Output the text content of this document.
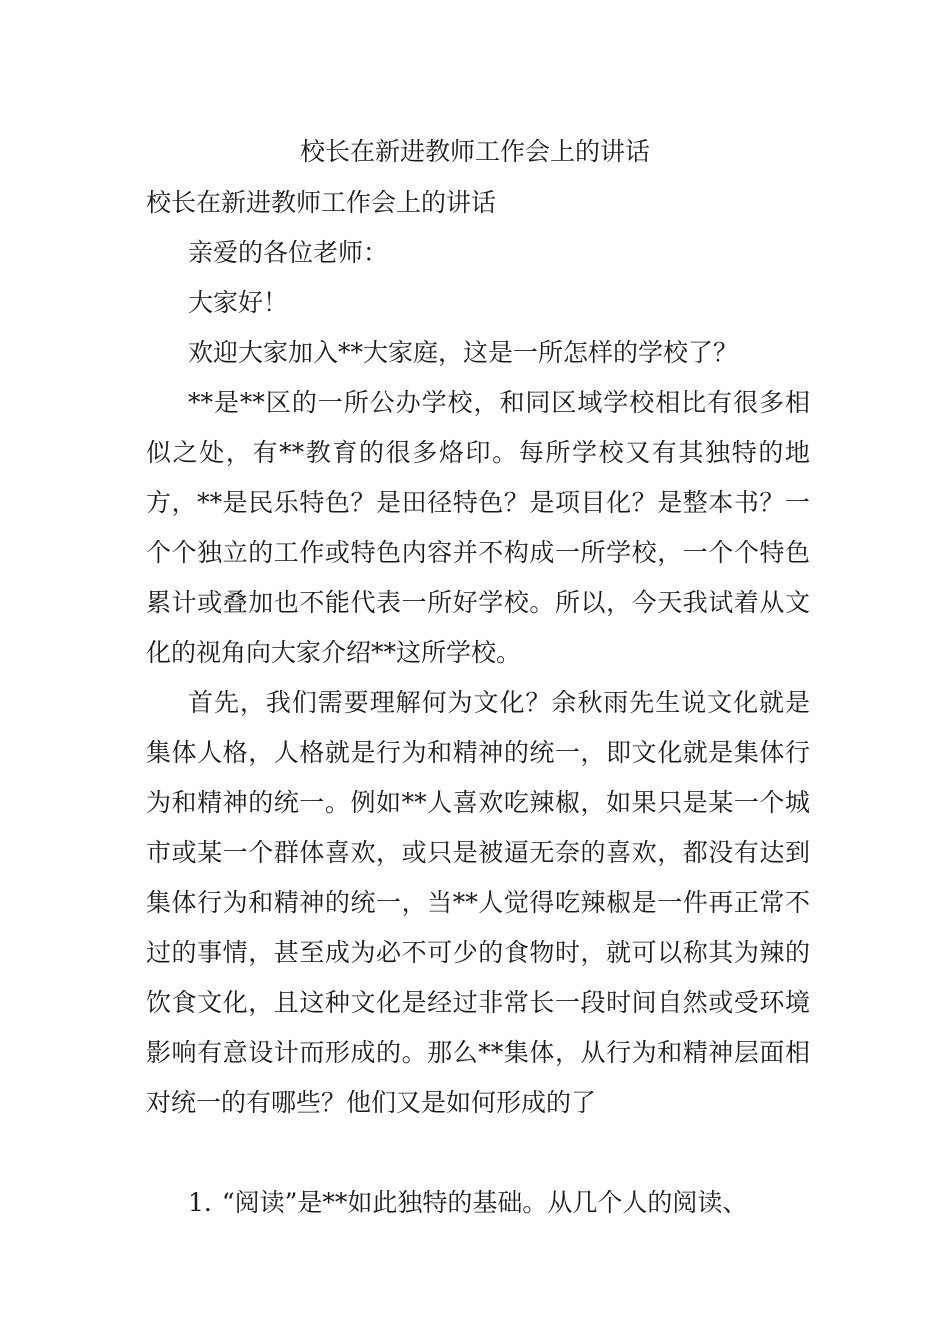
校长在新进教师工作会上的讲话

校长在新进教师工作会上的讲话

亲爱的各位老师：

大家好！

欢迎大家加入**大家庭，这是一所怎样的学校了？

**是**区的一所公办学校，和同区域学校相比有很多相似之处，有**教育的很多烙印。每所学校又有其独特的地方，**是民乐特色？是田径特色？是项目化？是整本书？一个个独立的工作或特色内容并不构成一所学校，一个个特色累计或叠加也不能代表一所好学校。所以，今天我试着从文化的视角向大家介绍**这所学校。

首先，我们需要理解何为文化？余秋雨先生说文化就是集体人格，人格就是行为和精神的统一，即文化就是集体行为和精神的统一。例如**人喜欢吃辣椒，如果只是某一个城市或某一个群体喜欢，或只是被逼无奈的喜欢，都没有达到集体行为和精神的统一，当**人觉得吃辣椒是一件再正常不过的事情，甚至成为必不可少的食物时，就可以称其为辣的饮食文化，且这种文化是经过非常长一段时间自然或受环境影响有意设计而形成的。那么**集体，从行为和精神层面相对统一的有哪些？他们又是如何形成的了

1. “阅读”是**如此独特的基础。从几个人的阅读、
